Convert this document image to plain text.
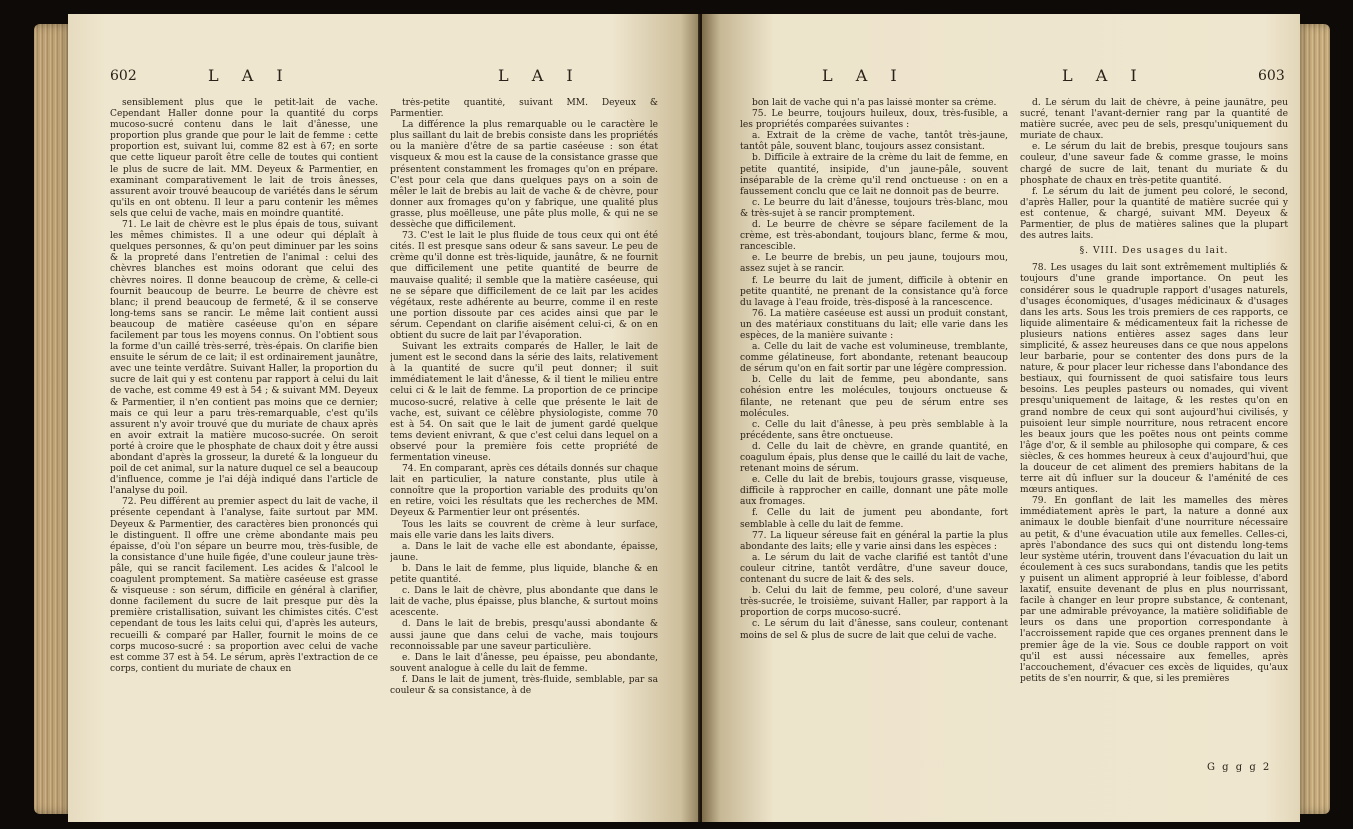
602	L A I	L A I

sensiblement plus que le petit-lait de vache. Cependant Haller donne pour la quantité du corps mucoso-sucré contenu dans le lait d'ânesse, une proportion plus grande que pour le lait de femme : cette proportion est, suivant lui, comme 82 est à 67; en sorte que cette liqueur paroît être celle de toutes qui contient le plus de sucre de lait. MM. Deyeux & Parmentier, en examinant comparativement le lait de trois ânesses, assurent avoir trouvé beaucoup de variétés dans le sérum qu'ils en ont obtenu. Il leur a paru contenir les mêmes sels que celui de vache, mais en moindre quantité.

71. Le lait de chèvre est le plus épais de tous, suivant les mêmes chimistes. Il a une odeur qui déplaît à quelques personnes, & qu'on peut diminuer par les soins & la propreté dans l'entretien de l'animal : celui des chèvres blanches est moins odorant que celui des chèvres noires. Il donne beaucoup de crème, & celle-ci fournit beaucoup de beurre. Le beurre de chèvre est blanc; il prend beaucoup de fermeté, & il se conserve long-tems sans se rancir. Le même lait contient aussi beaucoup de matière caséeuse qu'on en sépare facilement par tous les moyens connus. On l'obtient sous la forme d'un caillé très-serré, très-épais. On clarifie bien ensuite le sérum de ce lait; il est ordinairement jaunâtre, avec une teinte verdâtre. Suivant Haller, la proportion du sucre de lait qui y est contenu par rapport à celui du lait de vache, est comme 49 est à 54 ; & suivant MM. Deyeux & Parmentier, il n'en contient pas moins que ce dernier; mais ce qui leur a paru très-remarquable, c'est qu'ils assurent n'y avoir trouvé que du muriate de chaux après en avoir extrait la matière mucoso-sucrée. On seroit porté à croire que le phosphate de chaux doit y être aussi abondant d'après la grosseur, la dureté & la longueur du poil de cet animal, sur la nature duquel ce sel a beaucoup d'influence, comme je l'ai déjà indiqué dans l'article de l'analyse du poil.

72. Peu différent au premier aspect du lait de vache, il présente cependant à l'analyse, faite surtout par MM. Deyeux & Parmentier, des caractères bien prononcés qui le distinguent. Il offre une crème abondante mais peu épaisse, d'où l'on sépare un beurre mou, très-fusible, de la consistance d'une huile figée, d'une couleur jaune très-pâle, qui se rancit facilement. Les acides & l'alcool le coagulent promptement. Sa matière caséeuse est grasse & visqueuse : son sérum, difficile en général à clarifier, donne facilement du sucre de lait presque pur dès la première cristallisation, suivant les chimistes cités. C'est cependant de tous les laits celui qui, d'après les auteurs, recueilli & comparé par Haller, fournit le moins de ce corps mucoso-sucré : sa proportion avec celui de vache est comme 37 est à 54. Le sérum, après l'extraction de ce corps, contient du muriate de chaux en

très-petite quantité, suivant MM. Deyeux & Parmentier.

La différence la plus remarquable ou le caractère le plus saillant du lait de brebis consiste dans les propriétés ou la manière d'être de sa partie caséeuse : son état visqueux & mou est la cause de la consistance grasse que présentent constamment les fromages qu'on en prépare. C'est pour cela que dans quelques pays on a soin de mêler le lait de brebis au lait de vache & de chèvre, pour donner aux fromages qu'on y fabrique, une qualité plus grasse, plus moëlleuse, une pâte plus molle, & qui ne se dessèche que difficilement.

73. C'est le lait le plus fluide de tous ceux qui ont été cités. Il est presque sans odeur & sans saveur. Le peu de crème qu'il donne est très-liquide, jaunâtre, & ne fournit que difficilement une petite quantité de beurre de mauvaise qualité; il semble que la matière caséeuse, qui ne se sépare que difficilement de ce lait par les acides végétaux, reste adhérente au beurre, comme il en reste une portion dissoute par ces acides ainsi que par le sérum. Cependant on clarifie aisément celui-ci, & on en obtient du sucre de lait par l'évaporation.

Suivant les extraits comparés de Haller, le lait de jument est le second dans la série des laits, relativement à la quantité de sucre qu'il peut donner; il suit immédiatement le lait d'ânesse, & il tient le milieu entre celui ci & le lait de femme. La proportion de ce principe mucoso-sucré, relative à celle que présente le lait de vache, est, suivant ce célèbre physiologiste, comme 70 est à 54. On sait que le lait de jument gardé quelque tems devient enivrant, & que c'est celui dans lequel on a observé pour la première fois cette propriété de fermentation vineuse.

74. En comparant, après ces détails donnés sur chaque lait en particulier, la nature constante, plus utile à connoître que la proportion variable des produits qu'on en retire, voici les résultats que les recherches de MM. Deyeux & Parmentier leur ont présentés.

Tous les laits se couvrent de crème à leur surface, mais elle varie dans les laits divers.

a. Dans le lait de vache elle est abondante, épaisse, jaune.

b. Dans le lait de femme, plus liquide, blanche & en petite quantité.

c. Dans le lait de chèvre, plus abondante que dans le lait de vache, plus épaisse, plus blanche, & surtout moins acescente.

d. Dans le lait de brebis, presqu'aussi abondante & aussi jaune que dans celui de vache, mais toujours reconnoissable par une saveur particulière.

e. Dans le lait d'ânesse, peu épaisse, peu abondante, souvent analogue à celle du lait de femme.

f. Dans le lait de jument, très-fluide, semblable, par sa couleur & sa consistance, à de

L A I	L A I	603

bon lait de vache qui n'a pas laissé monter sa crème.

75. Le beurre, toujours huileux, doux, très-fusible, a les propriétés comparées suivantes :

a. Extrait de la crème de vache, tantôt très-jaune, tantôt pâle, souvent blanc, toujours assez consistant.

b. Difficile à extraire de la crème du lait de femme, en petite quantité, insipide, d'un jaune-pâle, souvent inséparable de la crème qu'il rend onctueuse : on en a faussement conclu que ce lait ne donnoit pas de beurre.

c. Le beurre du lait d'ânesse, toujours très-blanc, mou & très-sujet à se rancir promptement.

d. Le beurre de chèvre se sépare facilement de la crème, est très-abondant, toujours blanc, ferme & mou, rancescible.

e. Le beurre de brebis, un peu jaune, toujours mou, assez sujet à se rancir.

f. Le beurre du lait de jument, difficile à obtenir en petite quantité, ne prenant de la consistance qu'à force du lavage à l'eau froide, très-disposé à la rancescence.

76. La matière caséeuse est aussi un produit constant, un des matériaux constituans du lait; elle varie dans les espèces, de la manière suivante :

a. Celle du lait de vache est volumineuse, tremblante, comme gélatineuse, fort abondante, retenant beaucoup de sérum qu'on en fait sortir par une légère compression.

b. Celle du lait de femme, peu abondante, sans cohésion entre les molécules, toujours onctueuse & filante, ne retenant que peu de sérum entre ses molécules.

c. Celle du lait d'ânesse, à peu près semblable à la précédente, sans être onctueuse.

d. Celle du lait de chèvre, en grande quantité, en coagulum épais, plus dense que le caillé du lait de vache, retenant moins de sérum.

e. Celle du lait de brebis, toujours grasse, visqueuse, difficile à rapprocher en caille, donnant une pâte molle aux fromages.

f. Celle du lait de jument peu abondante, fort semblable à celle du lait de femme.

77. La liqueur séreuse fait en général la partie la plus abondante des laits; elle y varie ainsi dans les espèces :

a. Le sérum du lait de vache clarifié est tantôt d'une couleur citrine, tantôt verdâtre, d'une saveur douce, contenant du sucre de lait & des sels.

b. Celui du lait de femme, peu coloré, d'une saveur très-sucrée, le troisième, suivant Haller, par rapport à la proportion de corps mucoso-sucré.

c. Le sérum du lait d'ânesse, sans couleur, contenant moins de sel & plus de sucre de lait que celui de vache.

d. Le sérum du lait de chèvre, à peine jaunâtre, peu sucré, tenant l'avant-dernier rang par la quantité de matière sucrée, avec peu de sels, presqu'uniquement du muriate de chaux.

e. Le sérum du lait de brebis, presque toujours sans couleur, d'une saveur fade & comme grasse, le moins chargé de sucre de lait, tenant du muriate & du phosphate de chaux en très-petite quantité.

f. Le sérum du lait de jument peu coloré, le second, d'après Haller, pour la quantité de matière sucrée qui y est contenue, & chargé, suivant MM. Deyeux & Parmentier, de plus de matières salines que la plupart des autres laits.

§. VIII. Des usages du lait.

78. Les usages du lait sont extrêmement multipliés & toujours d'une grande importance. On peut les considérer sous le quadruple rapport d'usages naturels, d'usages économiques, d'usages médicinaux & d'usages dans les arts. Sous les trois premiers de ces rapports, ce liquide alimentaire & médicamenteux fait la richesse de plusieurs nations entières assez sages dans leur simplicité, & assez heureuses dans ce que nous appelons leur barbarie, pour se contenter des dons purs de la nature, & pour placer leur richesse dans l'abondance des bestiaux, qui fournissent de quoi satisfaire tous leurs besoins. Les peuples pasteurs ou nomades, qui vivent presqu'uniquement de laitage, & les restes qu'on en grand nombre de ceux qui sont aujourd'hui civilisés, y puisoient leur simple nourriture, nous retracent encore les beaux jours que les poëtes nous ont peints comme l'âge d'or, & il semble au philosophe qui compare, & ces siècles, & ces hommes heureux à ceux d'aujourd'hui, que la douceur de cet aliment des premiers habitans de la terre ait dû influer sur la douceur & l'aménité de ces mœurs antiques.

79. En gonflant de lait les mamelles des mères immédiatement après le part, la nature a donné aux animaux le double bienfait d'une nourriture nécessaire au petit, & d'une évacuation utile aux femelles. Celles-ci, après l'abondance des sucs qui ont distendu long-tems leur système utérin, trouvent dans l'évacuation du lait un écoulement à ces sucs surabondans, tandis que les petits y puisent un aliment approprié à leur foiblesse, d'abord laxatif, ensuite devenant de plus en plus nourrissant, facile à changer en leur propre substance, & contenant, par une admirable prévoyance, la matière solidifiable de leurs os dans une proportion correspondante à l'accroissement rapide que ces organes prennent dans le premier âge de la vie. Sous ce double rapport on voit qu'il est aussi nécessaire aux femelles, après l'accouchement, d'évacuer ces excès de liquides, qu'aux petits de s'en nourrir, & que, si les premières

G g g g 2
